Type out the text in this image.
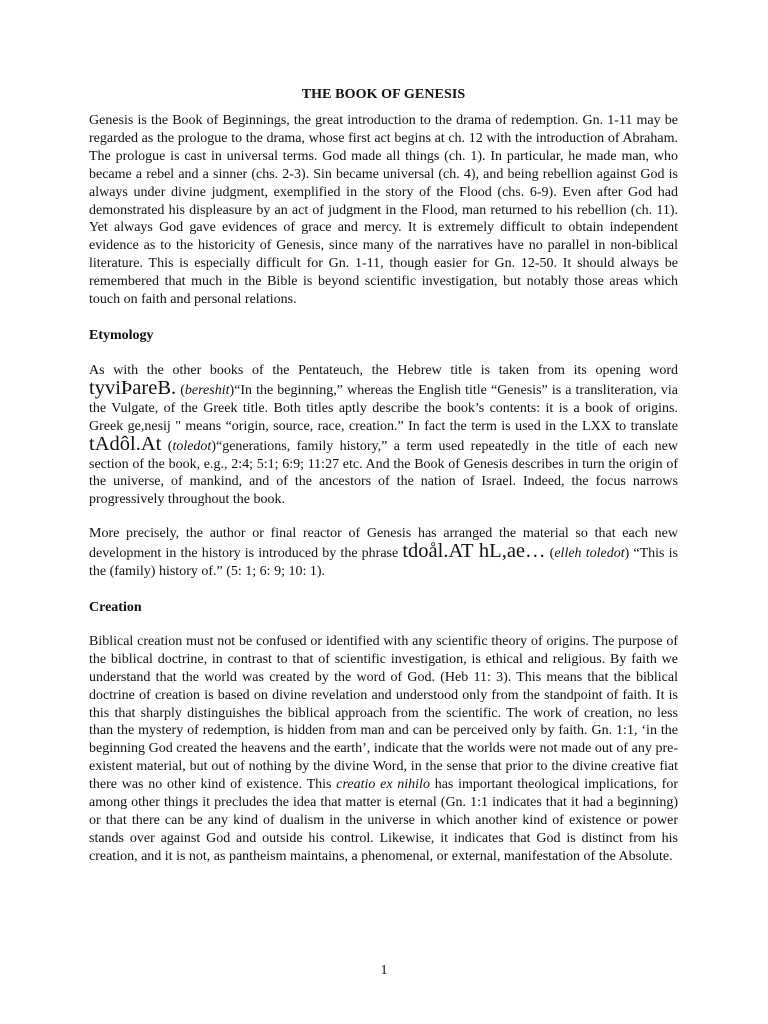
THE BOOK OF GENESIS

Genesis is the Book of Beginnings, the great introduction to the drama of redemption. Gn. 1-11 may be regarded as the prologue to the drama, whose first act begins at ch. 12 with the introduction of Abraham. The prologue is cast in universal terms. God made all things (ch. 1). In particular, he made man, who became a rebel and a sinner (chs. 2-3). Sin became universal (ch. 4), and being rebellion against God is always under divine judgment, exemplified in the story of the Flood (chs. 6-9). Even after God had demonstrated his displeasure by an act of judgment in the Flood, man returned to his rebellion (ch. 11). Yet always God gave evidences of grace and mercy. It is extremely difficult to obtain independent evidence as to the historicity of Genesis, since many of the narratives have no parallel in non-biblical literature. This is especially difficult for Gn. 1-11, though easier for Gn. 12-50. It should always be remembered that much in the Bible is beyond scientific investigation, but notably those areas which touch on faith and personal relations.

Etymology

As with the other books of the Pentateuch, the Hebrew title is taken from its opening word tyviÞareB. (bereshit)“In the beginning,” whereas the English title “Genesis” is a transliteration, via the Vulgate, of the Greek title. Both titles aptly describe the book’s contents: it is a book of origins. Greek ge,nesij " means “origin, source, race, creation.” In fact the term is used in the LXX to translate tAdôl.At (toledot)“generations, family history,” a term used repeatedly in the title of each new section of the book, e.g., 2:4; 5:1; 6:9; 11:27 etc. And the Book of Genesis describes in turn the origin of the universe, of mankind, and of the ancestors of the nation of Israel. Indeed, the focus narrows progressively throughout the book.

More precisely, the author or final reactor of Genesis has arranged the material so that each new development in the history is introduced by the phrase tdoål.AT hL,ae… (elleh toledot) “This is the (family) history of.” (5: 1; 6: 9; 10: 1).

Creation

Biblical creation must not be confused or identified with any scientific theory of origins. The purpose of the biblical doctrine, in contrast to that of scientific investigation, is ethical and religious. By faith we understand that the world was created by the word of God. (Heb 11: 3). This means that the biblical doctrine of creation is based on divine revelation and understood only from the standpoint of faith. It is this that sharply distinguishes the biblical approach from the scientific. The work of creation, no less than the mystery of redemption, is hidden from man and can be perceived only by faith. Gn. 1:1, ‘in the beginning God created the heavens and the earth’, indicate that the worlds were not made out of any pre-existent material, but out of nothing by the divine Word, in the sense that prior to the divine creative fiat there was no other kind of existence. This creatio ex nihilo has important theological implications, for among other things it precludes the idea that matter is eternal (Gn. 1:1 indicates that it had a beginning) or that there can be any kind of dualism in the universe in which another kind of existence or power stands over against God and outside his control. Likewise, it indicates that God is distinct from his creation, and it is not, as pantheism maintains, a phenomenal, or external, manifestation of the Absolute.

1
